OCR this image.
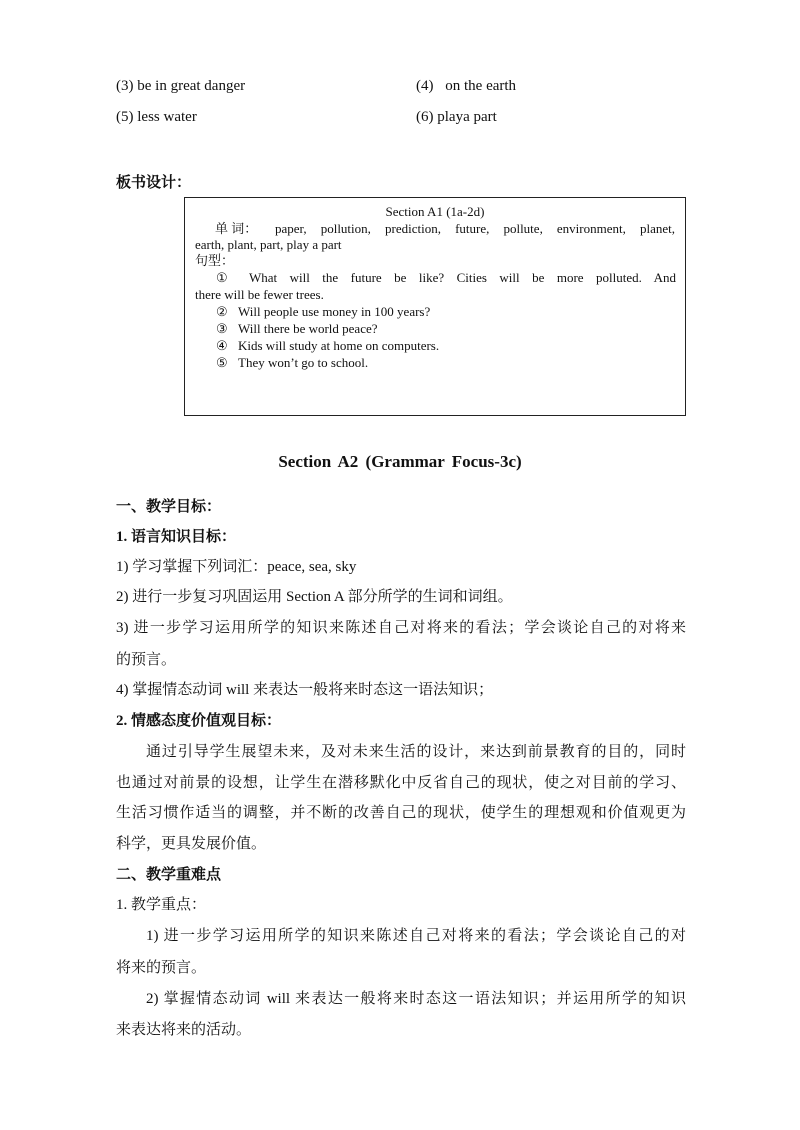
(3) be in great danger	(4) on the earth
(5) less water	(6) playa part
板书设计：
Section A1 (1a-2d)
单 词： paper, pollution, prediction, future, pollute, environment, planet,
earth, plant, part, play a part
句型：
① What will the future be like? Cities will be more polluted. And
there will be fewer trees.
② Will people use money in 100 years?
③ Will there be world peace?
④ Kids will study at home on computers.
⑤ They won’t go to school.
Section A2 (Grammar Focus-3c)
一、教学目标：
1. 语言知识目标：
1) 学习掌握下列词汇：peace, sea, sky
2) 进行一步复习巩固运用 Section A 部分所学的生词和词组。
3) 进一步学习运用所学的知识来陈述自己对将来的看法；学会谈论自己的对将来
的预言。
4) 掌握情态动词 will 来表达一般将来时态这一语法知识；
2. 情感态度价值观目标：
通过引导学生展望未来，及对未来生活的设计，来达到前景教育的目的，同时
也通过对前景的设想，让学生在潜移默化中反省自己的现状，使之对目前的学习、
生活习惯作适当的调整，并不断的改善自己的现状，使学生的理想观和价值观更为
科学，更具发展价值。
二、教学重难点
1. 教学重点：
1) 进一步学习运用所学的知识来陈述自己对将来的看法；学会谈论自己的对
将来的预言。
2) 掌握情态动词 will 来表达一般将来时态这一语法知识；并运用所学的知识
来表达将来的活动。
